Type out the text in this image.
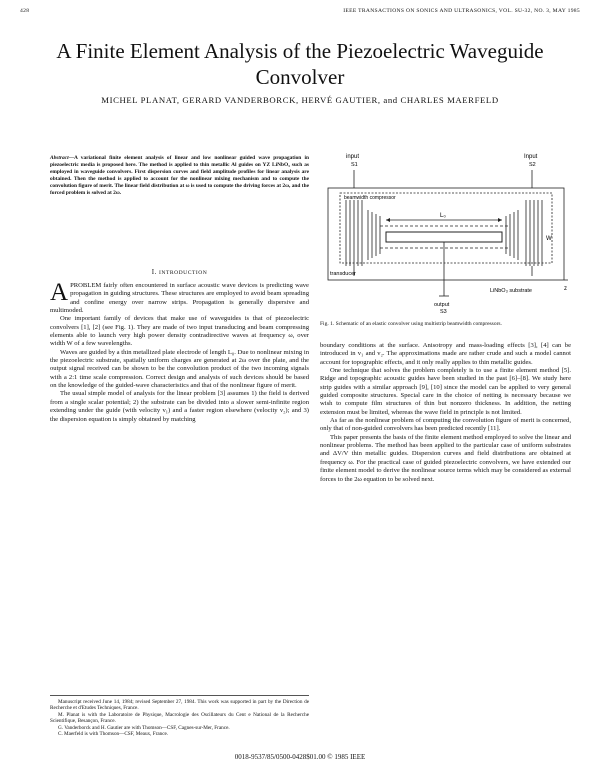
428	IEEE TRANSACTIONS ON SONICS AND ULTRASONICS, VOL. SU-32, NO. 3, MAY 1985
A Finite Element Analysis of the Piezoelectric Waveguide Convolver
MICHEL PLANAT, GERARD VANDERBORCK, HERVÉ GAUTIER, and CHARLES MAERFELD
Abstract—A variational finite element analysis of linear and low nonlinear guided wave propagation in piezoelectric media is proposed here. The method is applied to thin metallic Al guides on YZ LiNbO₃ such as employed in waveguide convolvers. First dispersion curves and field amplitude profiles for linear analysis are obtained. Then the method is applied to account for the nonlinear mixing mechanism and to compute the convolution figure of merit. The linear field distribution at ω is used to compute the driving forces at 2ω, and the forced problem is solved at 2ω.
I. INTRODUCTION

APROBLEM fairly often encountered in surface acoustic wave devices is predicting wave propagation in guiding structures. These structures are employed to avoid beam spreading and confine energy over narrow strips. Propagation is generally dispersive and multimoded.

One important family of devices that make use of waveguides is that of piezoelectric convolvers [1], [2] (see Fig. 1). They are made of two input transducing and beam compressing elements able to launch very high power density contradirective waves at frequency ω, over width W of a few wavelengths.

Waves are guided by a thin metallized plate electrode of length L₀. Due to nonlinear mixing in the piezoelectric substrate, spatially uniform charges are generated at 2ω over the plate, and the output signal received can be shown to be the convolution product of the two incoming signals with a 2:1 time scale compression. Correct design and analysis of such devices should be based on the knowledge of the guided-wave characteristics and that of the nonlinear figure of merit.

The usual simple model of analysis for the linear problem [3] assumes 1) the field is derived from a single scalar potential; 2) the substrate can be divided into a slower semi-infinite region extending under the guide (with velocity v₁) and a faster region elsewhere (velocity v₂); and 3) the dispersion equation is simply obtained by matching

Manuscript received June 14, 1984; revised September 27, 1984. This work was supported in part by the Direction de Recherche et d'Etudes Techniques, France.
M. Planat is with the Laboratoire de Physique, Macrologie des Oscillateurs du Cent e National de la Recherche Scientifique, Besançon, France.
G. Vanderborck and H. Gautier are with Thomson—CSF, Cagnes-sur-Mer, France.
C. Maerfeld is with Thomson—CSF, Meaux, France.
input
S1
Input
S2
beamwidth compressor
L₀
transducer
output
S3
LiNbO₃ substrate	z
W
Fig. 1. Schematic of an elastic convolver using multistrip beamwidth compressors.

boundary conditions at the surface. Anisotropy and mass-loading effects [3], [4] can be introduced in v₁ and v₂. The approximations made are rather crude and such a model cannot account for topographic effects, and it only really applies to thin metallic guides.

One technique that solves the problem completely is to use a finite element method [5]. Ridge and topographic acoustic guides have been studied in the past [6]–[8]. We study here strip guides with a similar approach [9], [10] since the model can be applied to very general guided composite structures. Special care in the choice of netting is necessary because we wish to compute film structures of thin but nonzero thickness. In addition, the netting extension must be limited, whereas the wave field in principle is not limited.

As far as the nonlinear problem of computing the convolution figure of merit is concerned, only that of non-guided convolvers has been predicted recently [11].

This paper presents the basis of the finite element method employed to solve the linear and nonlinear problems. The method has been applied to the particular case of uniform substrates and ΔV/V thin metallic guides. Dispersion curves and field distributions are obtained at frequency ω. For the practical case of guided piezoelectric convolvers, we have extended our finite element model to derive the nonlinear source terms which may be considered as external forces to the 2ω equation to be solved next.

0018-9537/85/0500-0428$01.00 © 1985 IEEE
